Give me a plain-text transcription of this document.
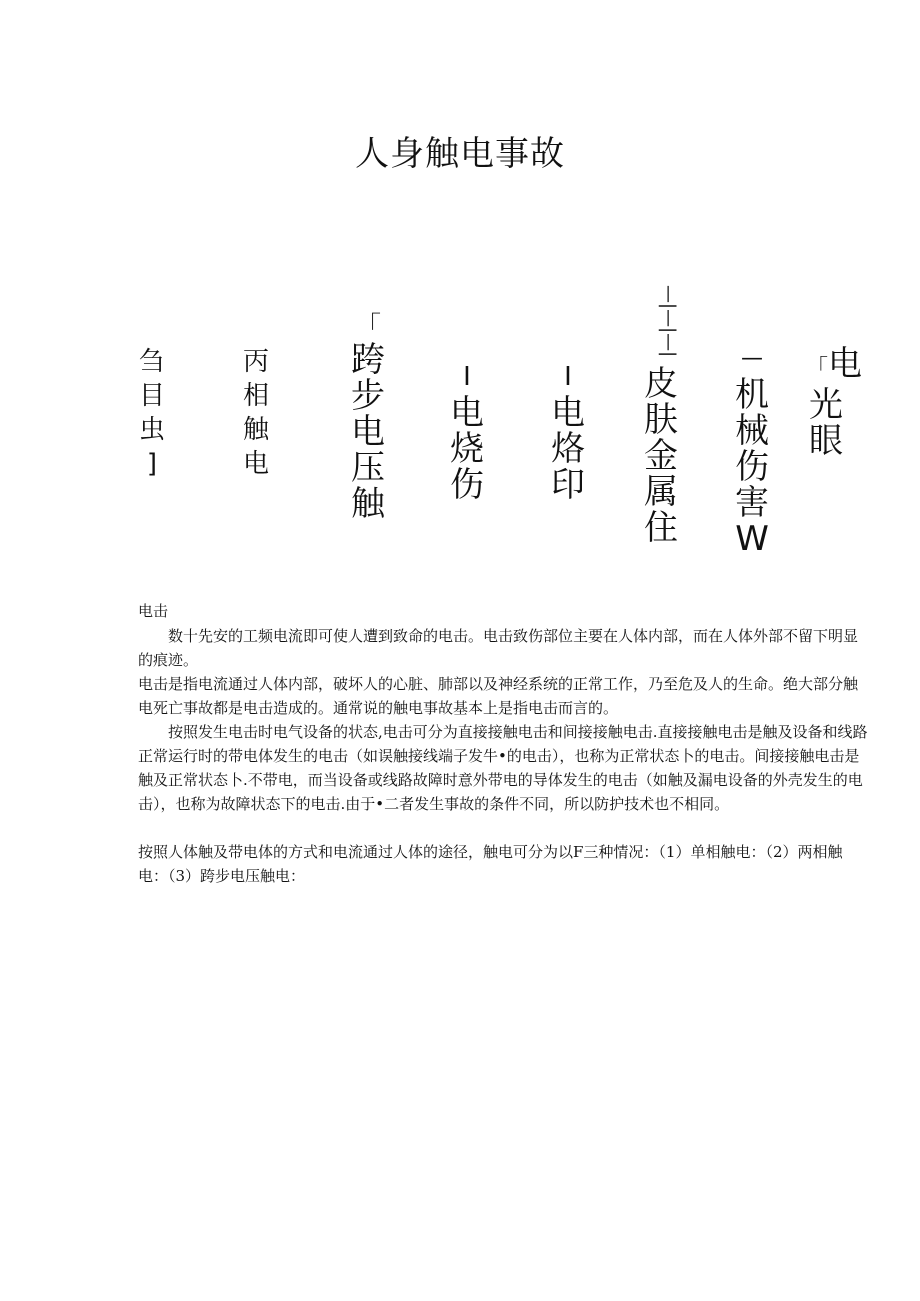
人身触电事故
刍
目
虫
]
丙
相
触
电
「
跨
步
电
压
触
I电
烧
伤
I电
烙
印
—|—|—|
皮
肤
金
属
住
—机
械
伤
害W
「电
光
眼
电击

数十先安的工频电流即可使人遭到致命的电击。电击致伤部位主要在人体内部，而在人体外部不留下明显的痕迹。

电击是指电流通过人体内部，破坏人的心脏、肺部以及神经系统的正常工作，乃至危及人的生命。绝大部分触电死亡事故都是电击造成的。通常说的触电事故基本上是指电击而言的。

按照发生电击时电气设备的状态,电击可分为直接接触电击和间接接触电击.直接接触电击是触及设备和线路正常运行时的带电体发生的电击（如误触接线端子发牛•的电击），也称为正常状态卜的电击。间接接触电击是触及正常状态卜.不带电，而当设备或线路故障时意外带电的导体发生的电击（如触及漏电设备的外壳发生的电击），也称为故障状态下的电击.由于•二者发生事故的条件不同，所以防护技术也不相同。

按照人体触及带电体的方式和电流通过人体的途径，触电可分为以F三种情况：（1）单相触电：（2）两相触电：（3）跨步电压触电：
